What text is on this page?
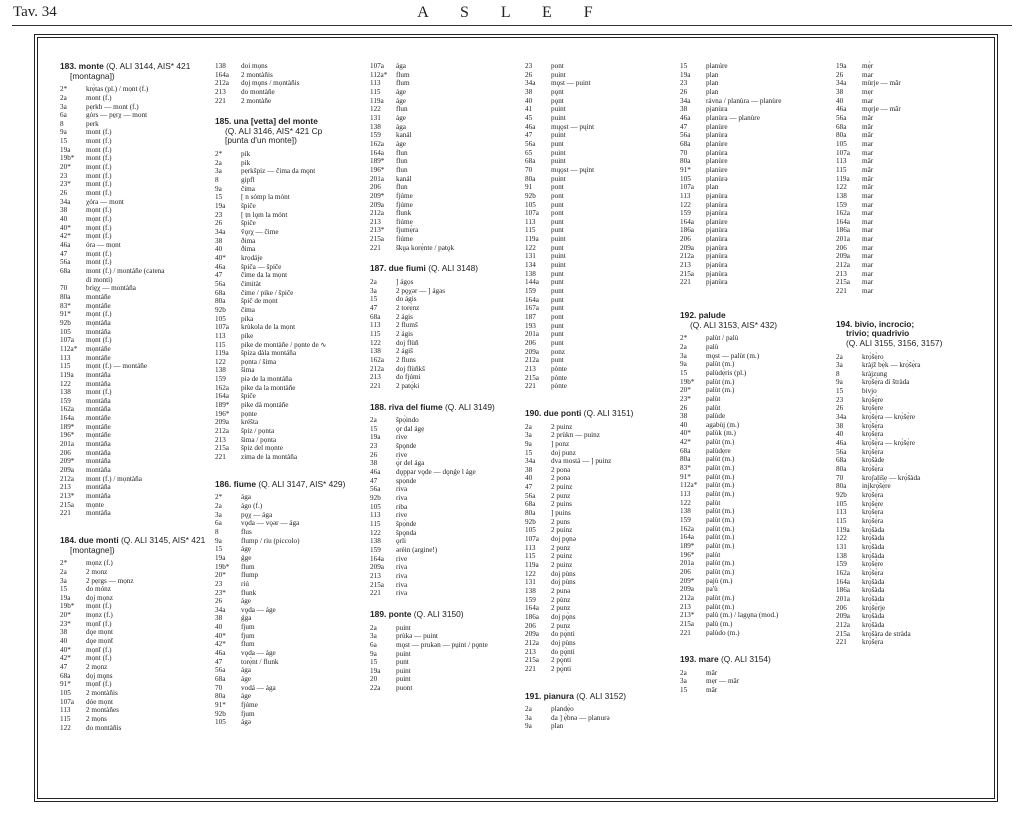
Tav. 34	A S L E F
183. monte (Q. ALI 3144, AIS* 421
[montagna])
2*	krẹ̀tas (pl.) / mọnt (f.)
2a	mont (f.)
3a	pẹrkh — mont (f.)
6a	gȯrs — pe̱rχ — mont
8	perk
9a	mont (f.)
15	mont (f.)
19a	mont (f.)
19b*	mont (f.)
20*	mọnt (f.)
23	mont (f.)
23*	mont (f.)
26	mont (f.)
34a	χóra — mont
38	mọnt (f.)
40	mọnt (f.)
40*	mọnt (f.)
42*	mọnt (f.)
46a	óra — mọnt
47	mọnt (f.)
56a	mont (f.)
68a	mont (f.) / montáñe (catena
di monti)
70	brie̱χ — montàña
80a	montáñe
83*	mọntáñe
91*	mọnt (f.)
92b	mọntàña
105	montáña
107a	mọnt (f.)
112a*	mọntáñe
113	montáñe
115	mọnt (f.) — montáñe
119a	montáña
122	montàña
138	mont (f.)
159	montàña
162a	montàña
164a	montáñe
189*	mọntáñe
196*	mọntáñe
201a	montàña
206	montàña
209*	montáña
209a	montàña
212a	mont (f.) / mọntàña
213	montàña
213*	montàña
215a	mọnte
221	montàña
184. due monti (Q. ALI 3145, AIS* 421
[montagne])
2*	mọnz (f.)
2a	2 monz
3a	2 pẹrgs — mọnz
15	do mónz
19a	dọj mọnz
19b*	mọnt (f.)
20*	mọnz (f.)
23*	mọnt̄ (f.)
38	dǫe mọnt
40	dǫe mọnt̄
40*	mọnt̄ (f.)
42*	mọnt (f.)
47	2 mọnz
68a	dọj mǫns
91*	mọnt̄ (f.)
105	2 montàñis
107a	dóe mọnt
113	2 montàñes
115	2 mọns
122	do montàñis
138	doi mọns
164a	2 montàñis
212a	dọj mǫns / mọntàñis
213	do montàñe
221	2 montàñe
185. una [vetta] del monte
(Q. ALI 3146, AIS* 421 Cp
[punta d'un monte])
2*	pik
2a	pik
3a	pẹrkšpiz — čima da mǫnt
8	gipfl
9a	čima
15	[ n sómp la mónt
19a	špiče
23	[ ṭn lǫm la mónt
26	špiče
34a	ṽǫrχ — čime
38	ðima
40	ðima
40*	krọdáje
46a	špiča — špiče
47	čime da la mọnt
56a	čimitàt
68a	čime / pike / špiče
80a	špič de mọnt
92b	čima
105	pika
107a	krùkola de la mọnt
113	pike
115	pike de montàñe / pọnte de ∿
119a	špiza dàla montáña
122	pọnta / šima
138	šima
159	piǝ de la montáña
162a	pike da la montàñe
164a	špiče
189*	pike dà mọntáñe
196*	pọnte
209a	kréšta
212a	špiz / pọnta
213	šima / pọnta
215a	špiz del mọnte
221	zima de la montàña
186. fiume (Q. ALI 3147, AIS* 429)
2*	ága
2a	ágo (f.)
3a	pǫχ — ága
6a	vǫda — vǫǝr — ága
8	flus
9a	flump / riu (piccolo)
15	ágẹ
19a	ǵge
19b*	flum
20*	flump
23	riú
23*	flunk
26	áge
34a	vǫda — áge
38	ǵga
40	fjum
40*	fjum
42*	flum
46a	vǫda — áge
47	torẹ̀nt / flunk
56a	ága
68a	áge
70	vodá — ága
80a	áge
91*	fjúme
92b	fjum
105	ágǝ
107a	ága
112a*	flum
113	flum
115	áge
119a	áge
122	flun
131	áge
138	ága
159	kanál
162a	áge
164a	flun
189*	flun
196*	flun
201a	kanál
206	flun
209*	fjúme
209a	fjúme
212a	flunk
213	fiúme
213*	fjumẹ̀ra
215a	fiúme
221	škṵa korẹ̀nte / patǫk
187. due fiumi (Q. ALI 3148)
2a	] ágọs
3a	2 pǫχǝr — ] ágǝs
15	do ágis
47	2 torẹ̀nz
68a	2 ágis
113	2 flumš
115	2 ágis
122	doj flùñ
138	2 ágiš
162a	2 fluns
212a	doj flùñkš
213	do fjúmi
221	2 patǫ́ki
188. riva del fiume (Q. ALI 3149)
2a	špọ̀indo
15	ǫr dal ágẹ
19a	rive
23	špǫnde
26	rive
38	ǫ̀r del ága
46a	dǫppar vǫde — dǫnǵe l áge
47	spọ́nde
56a	riva
92b	riva
105	riba
113	rive
115	špọ̀nde
122	špǫnda
138	ǫrli
159	ǝrèin (argine!)
164a	rive
209a	riva
213	riva
215a	riva
221	riva
189. ponte (Q. ALI 3150)
2a	puint
3a	prùkǝ — puint
6a	mǫst — prukǝn — pṳint / pǫnte
9a	puint
15	punt
19a	puint
20	puint
22a	puont
23	pont
26	puint
34a	mǫst — puint
38	pǫnt
40	pǫnt
41	puint
45	puint
46a	mųǫst — pųint
47	puint
56a	punt
65	puint
68a	puint
70	mųǫst — pųint
80a	puint
91	pont
92b	pont
105	punt
107a	pont
113	punt
115	punt
119a	puint
122	punt
131	puint
134	puint
138	punt
144a	punt
159	punt
164a	punt
167a	punt
187	pont
193	punt
201a	punt
206	punt
209a	ponz
212a	punt
213	pònte
215a	pònte
221	pònte
190. due ponti (Q. ALI 3151)
2a	2 puinz
3a	2 prùkn — puinz
9a	] ponz
15	doj punz
34a	dva mostá — ] puinz
38	2 ponǝ
40	2 ponǝ
47	2 puinz
56a	2 punz
68a	2 puins
80a	] puins
92b	2 puns
105	2 puinz
107a	doj pǫnǝ
113	2 punz
115	2 puinz
119a	2 puinz
122	doj pùns
131	doj pùns
138	2 punǝ
159	2 pùnz
164a	2 punz
186a	doj pǫ̀ns
206	2 punz
209a	do pǫ̀nti
212a	doj pùns
213	do pǫ̀nti
215a	2 pǫ̀nti
221	2 pǫ̀nti
191. pianura (Q. ALI 3152)
2a	plandẹ̀o
3a	da ] ẹ̀bnǝ — planurǝ
9a	plan
15	planúre
19a	plan
23	plan
26	plan
34a	rávna / planùra — planùre
38	pjanùra
46a	planùra — planùre
47	planùre
56a	planùra
68a	planùre
70	planùra
80a	planùre
91*	planùre
105	planùrǝ
107a	plan
113	pjanùra
122	planùra
159	pjanùra
164a	planùre
186a	pjanùra
206	planùra
209a	pjanùra
212a	pjanùra
213	pjanùra
215a	pjanùra
221	pjanùra
192. palude
(Q. ALI 3153, AIS* 432)
2*	palùt / palù
2a	palù
3a	mǫst — palùt (m.)
9a	palùt (m.)
15	palùdẹ̀ris (pl.)
19b*	palùt (m.)
20*	palùt (m.)
23*	palùt
26	palùt
38	palùde
40	agabùj (m.)
40*	palùk (m.)
42*	palùt (m.)
68a	palùdẹ̀re
80a	palùt (m.)
83*	palùt (m.)
91*	palùt (m.)
112a*	palùt (m.)
113	palùt (m.)
122	palùt
138	palùt (m.)
159	palùt (m.)
162a	palùt (m.)
164a	palùt (m.)
189*	palùt (m.)
196*	palùt
201a	palùt (m.)
206	palùt (m.)
209*	pajù (m.)
209a	pa'ù
212a	palùt (m.)
213	palùt (m.)
213*	palù (m.) / lagǫna (mod.)
215a	palù (m.)
221	palùdo (m.)
193. mare (Q. ALI 3154)
2a	mâr
3a	mẹr — mâr
15	mâr
19a	mẹ̀r
26	mar
34a	mùrje — mâr
38	mẹr
40	mar
46a	mǫrje — mâr
56a	mâr
68a	mâr
80a	mâr
105	mar
107a	mar
113	mâr
115	mâr
119a	mâr
122	mâr
138	mar
159	mar
162a	mar
164a	mar
186a	mar
201a	mar
206	mar
209a	mar
212a	mar
213	mar
215a	mar
221	mar
194. bivio, incrocio;
trivio; quadrivio
(Q. ALI 3155, 3156, 3157)
2a	krọ̀šẹ̀ro
3a	kràjž bẹ̀k — krọ̀šẹ̀ra
8	kràjzung
9a	krọ̀šẹ̀ra di štràda
15	bivjo
23	krọ̀šẹ̀re
26	krọ̀šẹ̀re
34a	krọ̀šẹ̀ra — krọ̀šẹ̀re
38	krọ̀šẹ̀ra
40	krọ̀šẹ̀ra
46a	krọ̀šẹ̀ra — krọ̀šẹ̀re
56a	krọ̀šẹ̀ra
68a	krọ̀šàde
80a	krọ̀šẹ̀ra
70	kroʃališẹ — krọ̀šàda
80a	injkrọ̀šẹ̀re
92b	krọ̀šẹ̀ra
105	krọ̀šẹ̀re
113	krọ̀šẹ̀ra
115	krọ̀šẹ̀ra
119a	krọ̀šàda
122	krọ̀šàda
131	krọ̀šàda
138	krọ̀šàda
159	krọ̀šẹ̀re
162a	krọ̀šẹ̀ra
164a	krọ̀šàda
186a	krọ̀šàda
201a	krọ̀šàda
206	krọ̀šẹ̀rje
209a	krọ̀šàda
212a	krọ̀šàda
215a	krọ̀šàra de stràda
221	krọ̀šẹ̀ra
